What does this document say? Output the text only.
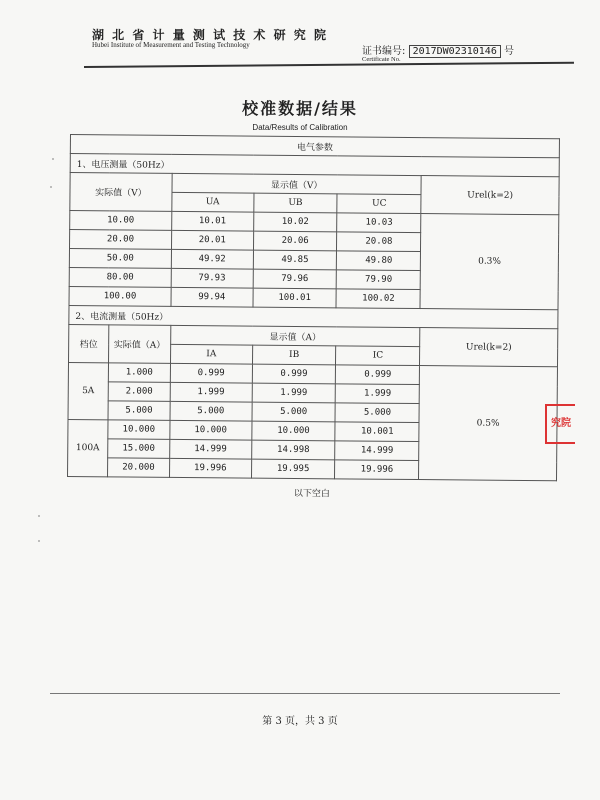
湖 北 省 计 量 测 试 技 术 研 究 院
Hubei Institute of Measurement and Testing Technology
证书编号: 2017DW02310146 号
Certificate No.
校准数据/结果
Data/Results of Calibration
电气参数					
1、电压测量（50Hz）					
实际值（V）		显示值（V）			Urel(k=2)
		UA	UB	UC	
10.00		10.01	10.02	10.03	0.3%
20.00		20.01	20.06	20.08	
50.00		49.92	49.85	49.80	
80.00		79.93	79.96	79.90	
100.00		99.94	100.01	100.02	
2、电流测量（50Hz）					
档位	实际值（A）	显示值（A）			Urel(k=2)
		IA	IB	IC	
5A	1.000	0.999	0.999	0.999	0.5%
	2.000	1.999	1.999	1.999	
	5.000	5.000	5.000	5.000	
100A	10.000	10.000	10.000	10.001	
	15.000	14.999	14.998	14.999	
	20.000	19.996	19.995	19.996	
以下空白
究院
第 3 页，共 3 页
